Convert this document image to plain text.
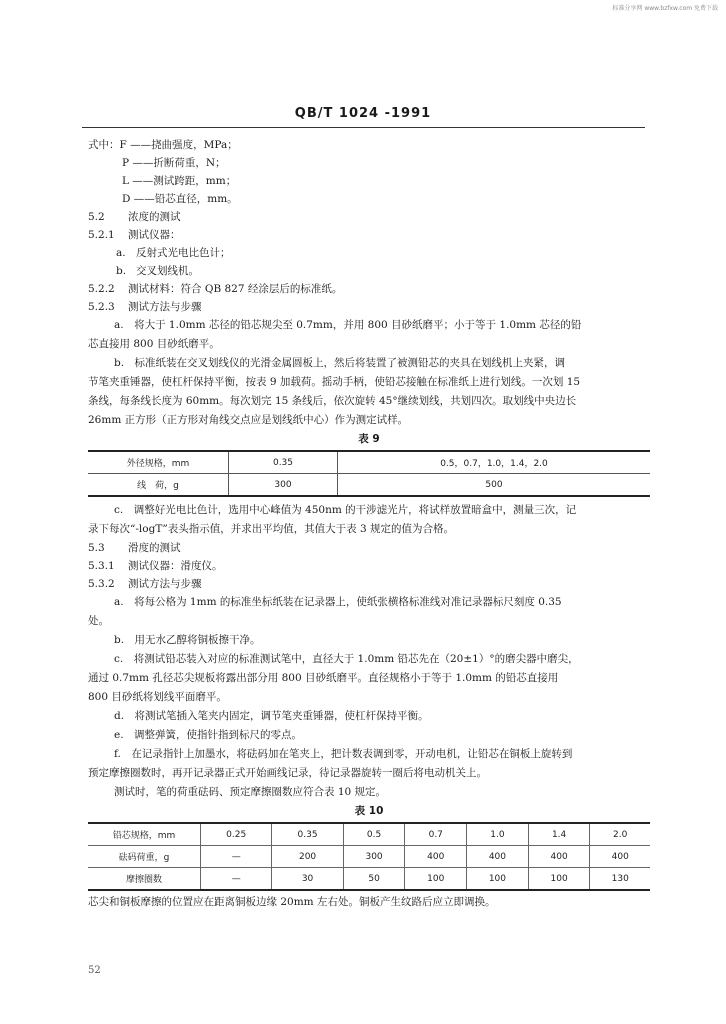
标准分享网 www.bzfxw.com 免费下载
QB/T 1024 -1991
式中：F ——挠曲强度，MPa；
P ——折断荷重，N；
L ——测试跨距，mm；
D ——铅芯直径，mm。
5.2 浓度的测试
5.2.1 测试仪器：
a. 反射式光电比色计；
b. 交叉划线机。
5.2.2 测试材料：符合 QB 827 经涂层后的标准纸。
5.2.3 测试方法与步骤
a.　将大于 1.0mm 芯径的铅芯规尖至 0.7mm，并用 800 目砂纸磨平；小于等于 1.0mm 芯径的铅
芯直接用 800 目砂纸磨平。
b.　标准纸装在交叉划线仪的光滑金属圆板上，然后将装置了被测铅芯的夹具在划线机上夹紧，调
节笔夹重锤器，使杠杆保持平衡，按表 9 加载荷。摇动手柄，使铅芯接触在标准纸上进行划线。一次划 15
条线，每条线长度为 60mm。每次划完 15 条线后，依次旋转 45°继续划线，共划四次。取划线中央边长
26mm 正方形（正方形对角线交点应是划线纸中心）作为测定试样。
表 9
外径规格，mm	0.35	0.5，0.7，1.0，1.4，2.0
线　荷，g	300	500
c.　调整好光电比色计，选用中心峰值为 450nm 的干涉滤光片，将试样放置暗盒中，测量三次，记
录下每次“-logT”表头指示值，并求出平均值，其值大于表 3 规定的值为合格。
5.3 滑度的测试
5.3.1 测试仪器：滑度仪。
5.3.2 测试方法与步骤
a.　将每公格为 1mm 的标准坐标纸装在记录器上，使纸张横格标准线对准记录器标尺刻度 0.35
处。
b.　用无水乙醇将铜板擦干净。
c.　将测试铅芯装入对应的标准测试笔中，直径大于 1.0mm 铅芯先在（20±1）°的磨尖器中磨尖，
通过 0.7mm 孔径芯尖规板将露出部分用 800 目砂纸磨平。直径规格小于等于 1.0mm 的铅芯直接用
800 目砂纸将划线平面磨平。
d.　将测试笔插入笔夹内固定，调节笔夹重锤器，使杠杆保持平衡。
e.　调整弹簧，使指针指到标尺的零点。
f.　在记录指针上加墨水，将砝码加在笔夹上，把计数表调到零，开动电机，让铅芯在铜板上旋转到
预定摩擦圈数时，再开记录器正式开始画线记录，待记录器旋转一圈后将电动机关上。
测试时，笔的荷重砝码、预定摩擦圈数应符合表 10 规定。
表 10
铅芯规格，mm	0.25	0.35	0.5	0.7	1.0	1.4	2.0
砝码荷重，g	—	200	300	400	400	400	400
摩擦圈数	—	30	50	100	100	100	130
芯尖和铜板摩擦的位置应在距离铜板边缘 20mm 左右处。铜板产生纹路后应立即调换。
52
